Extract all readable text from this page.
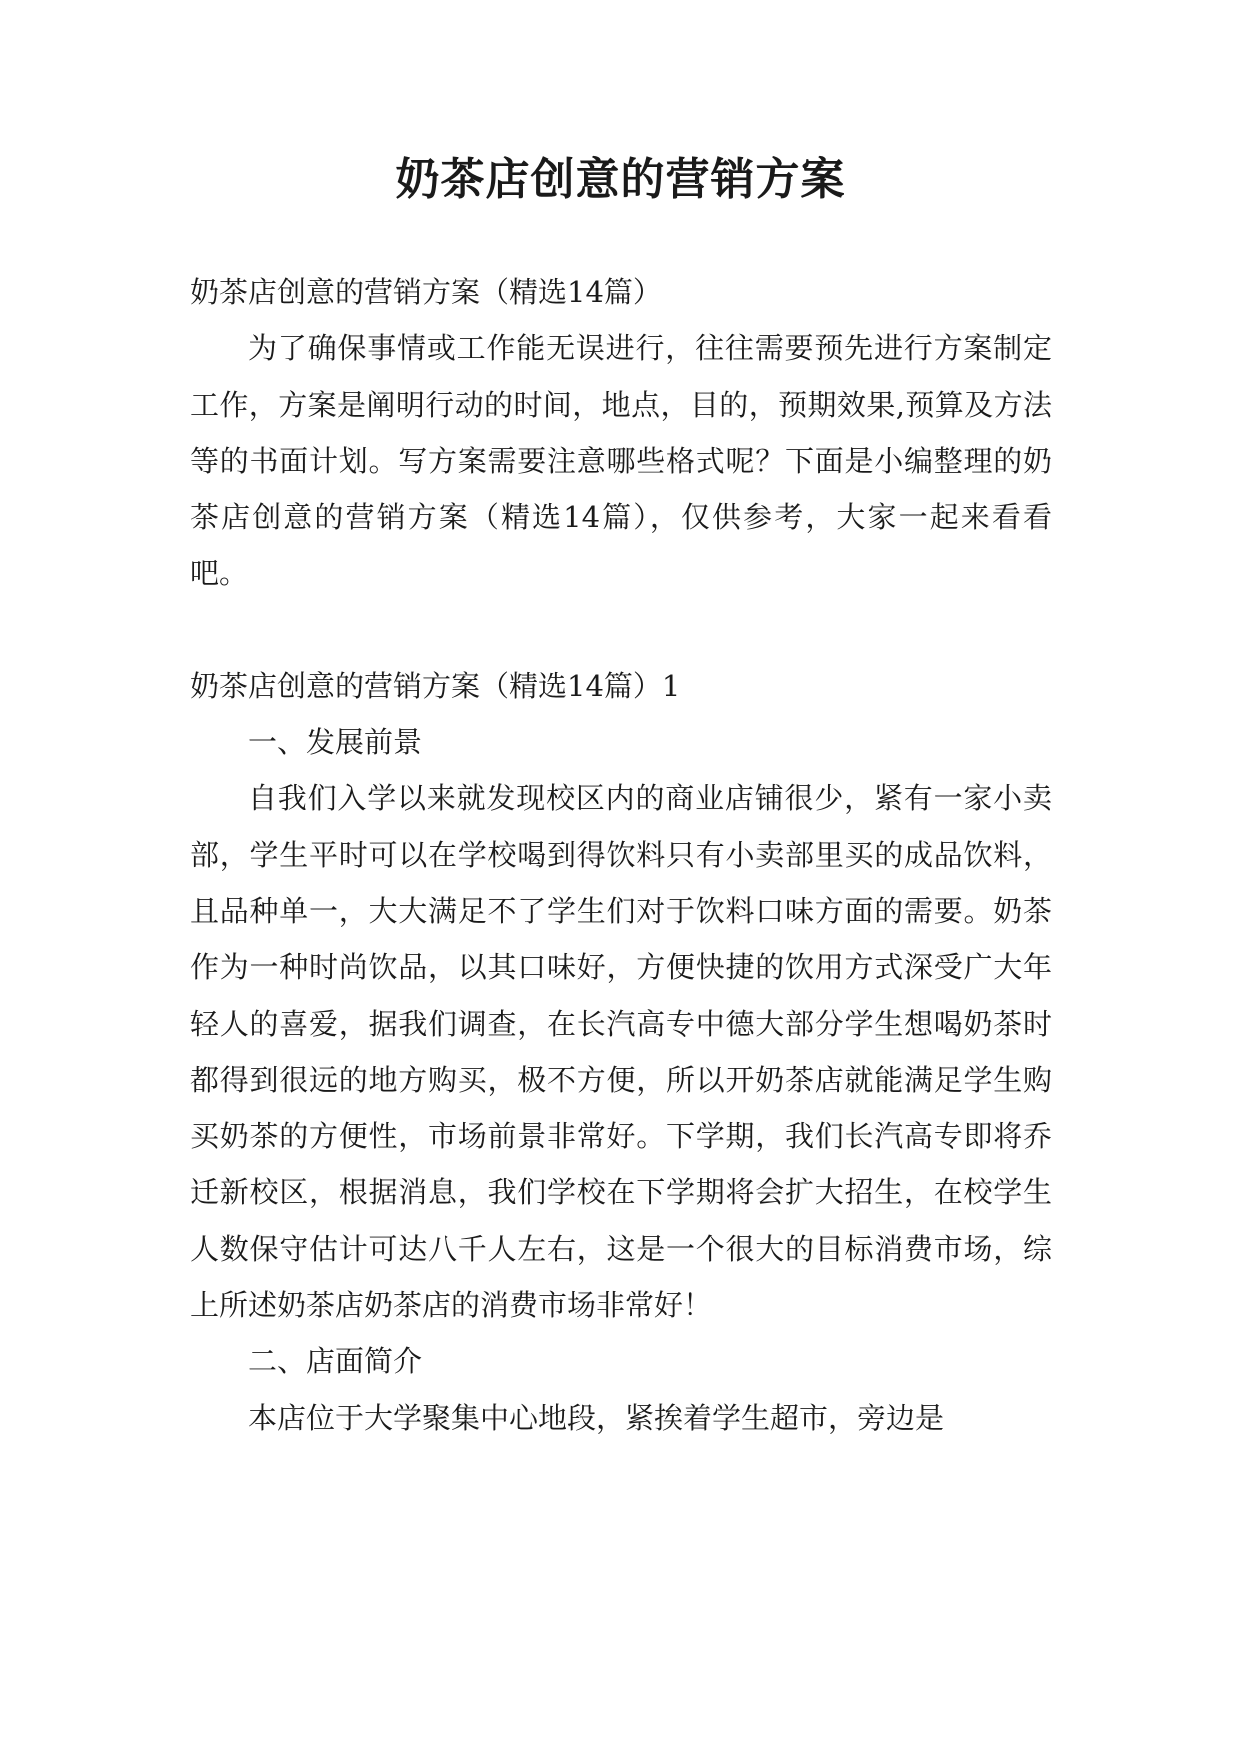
奶茶店创意的营销方案

奶茶店创意的营销方案（精选14篇）

为了确保事情或工作能无误进行，往往需要预先进行方案制定工作，方案是阐明行动的时间，地点，目的，预期效果,预算及方法等的书面计划。写方案需要注意哪些格式呢？下面是小编整理的奶茶店创意的营销方案（精选14篇），仅供参考，大家一起来看看吧。

奶茶店创意的营销方案（精选14篇）1

一、发展前景

自我们入学以来就发现校区内的商业店铺很少，紧有一家小卖部，学生平时可以在学校喝到得饮料只有小卖部里买的成品饮料，且品种单一，大大满足不了学生们对于饮料口味方面的需要。奶茶作为一种时尚饮品，以其口味好，方便快捷的饮用方式深受广大年轻人的喜爱，据我们调查，在长汽高专中德大部分学生想喝奶茶时都得到很远的地方购买，极不方便，所以开奶茶店就能满足学生购买奶茶的方便性，市场前景非常好。下学期，我们长汽高专即将乔迁新校区，根据消息，我们学校在下学期将会扩大招生，在校学生人数保守估计可达八千人左右，这是一个很大的目标消费市场，综上所述奶茶店奶茶店的消费市场非常好！

二、店面简介

本店位于大学聚集中心地段，紧挨着学生超市，旁边是
